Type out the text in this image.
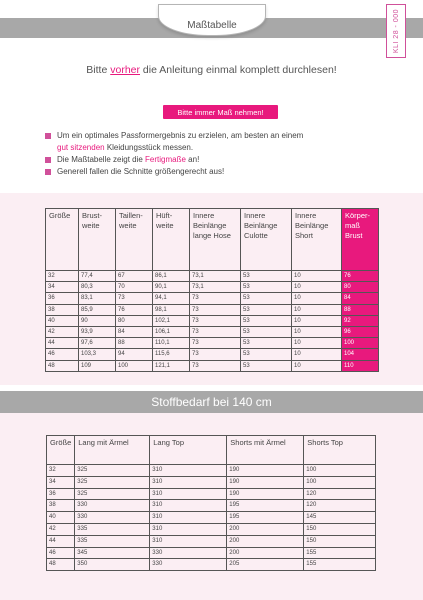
Maßtabelle	KLI 28 - 000
Bitte vorher die Anleitung einmal komplett durchlesen!
Bitte immer Maß nehmen!
Um ein optimales Passformergebnis zu erzielen, am besten an einem
gut sitzenden Kleidungsstück messen.
Die Maßtabelle zeigt die Fertigmaße an!
Generell fallen die Schnitte größengerecht aus!
Größe	Brust-weite	Taillen-weite	Hüft-weite	Innere Beinlänge lange Hose	Innere Beinlänge Culotte	Innere Beinlänge Short	Körper-maß Brust
32	77,4	67	86,1	73,1	53	10	76
34	80,3	70	90,1	73,1	53	10	80
36	83,1	73	94,1	73	53	10	84
38	85,9	76	98,1	73	53	10	88
40	90	80	102,1	73	53	10	92
42	93,9	84	106,1	73	53	10	96
44	97,6	88	110,1	73	53	10	100
46	103,3	94	115,6	73	53	10	104
48	109	100	121,1	73	53	10	110
Stoffbedarf bei 140 cm
Größe	Lang mit Ärmel	Lang Top	Shorts mit Ärmel	Shorts Top
32	325	310	190	100
34	325	310	190	100
36	325	310	190	120
38	330	310	195	120
40	330	310	195	145
42	335	310	200	150
44	335	310	200	150
46	345	330	200	155
48	350	330	205	155
